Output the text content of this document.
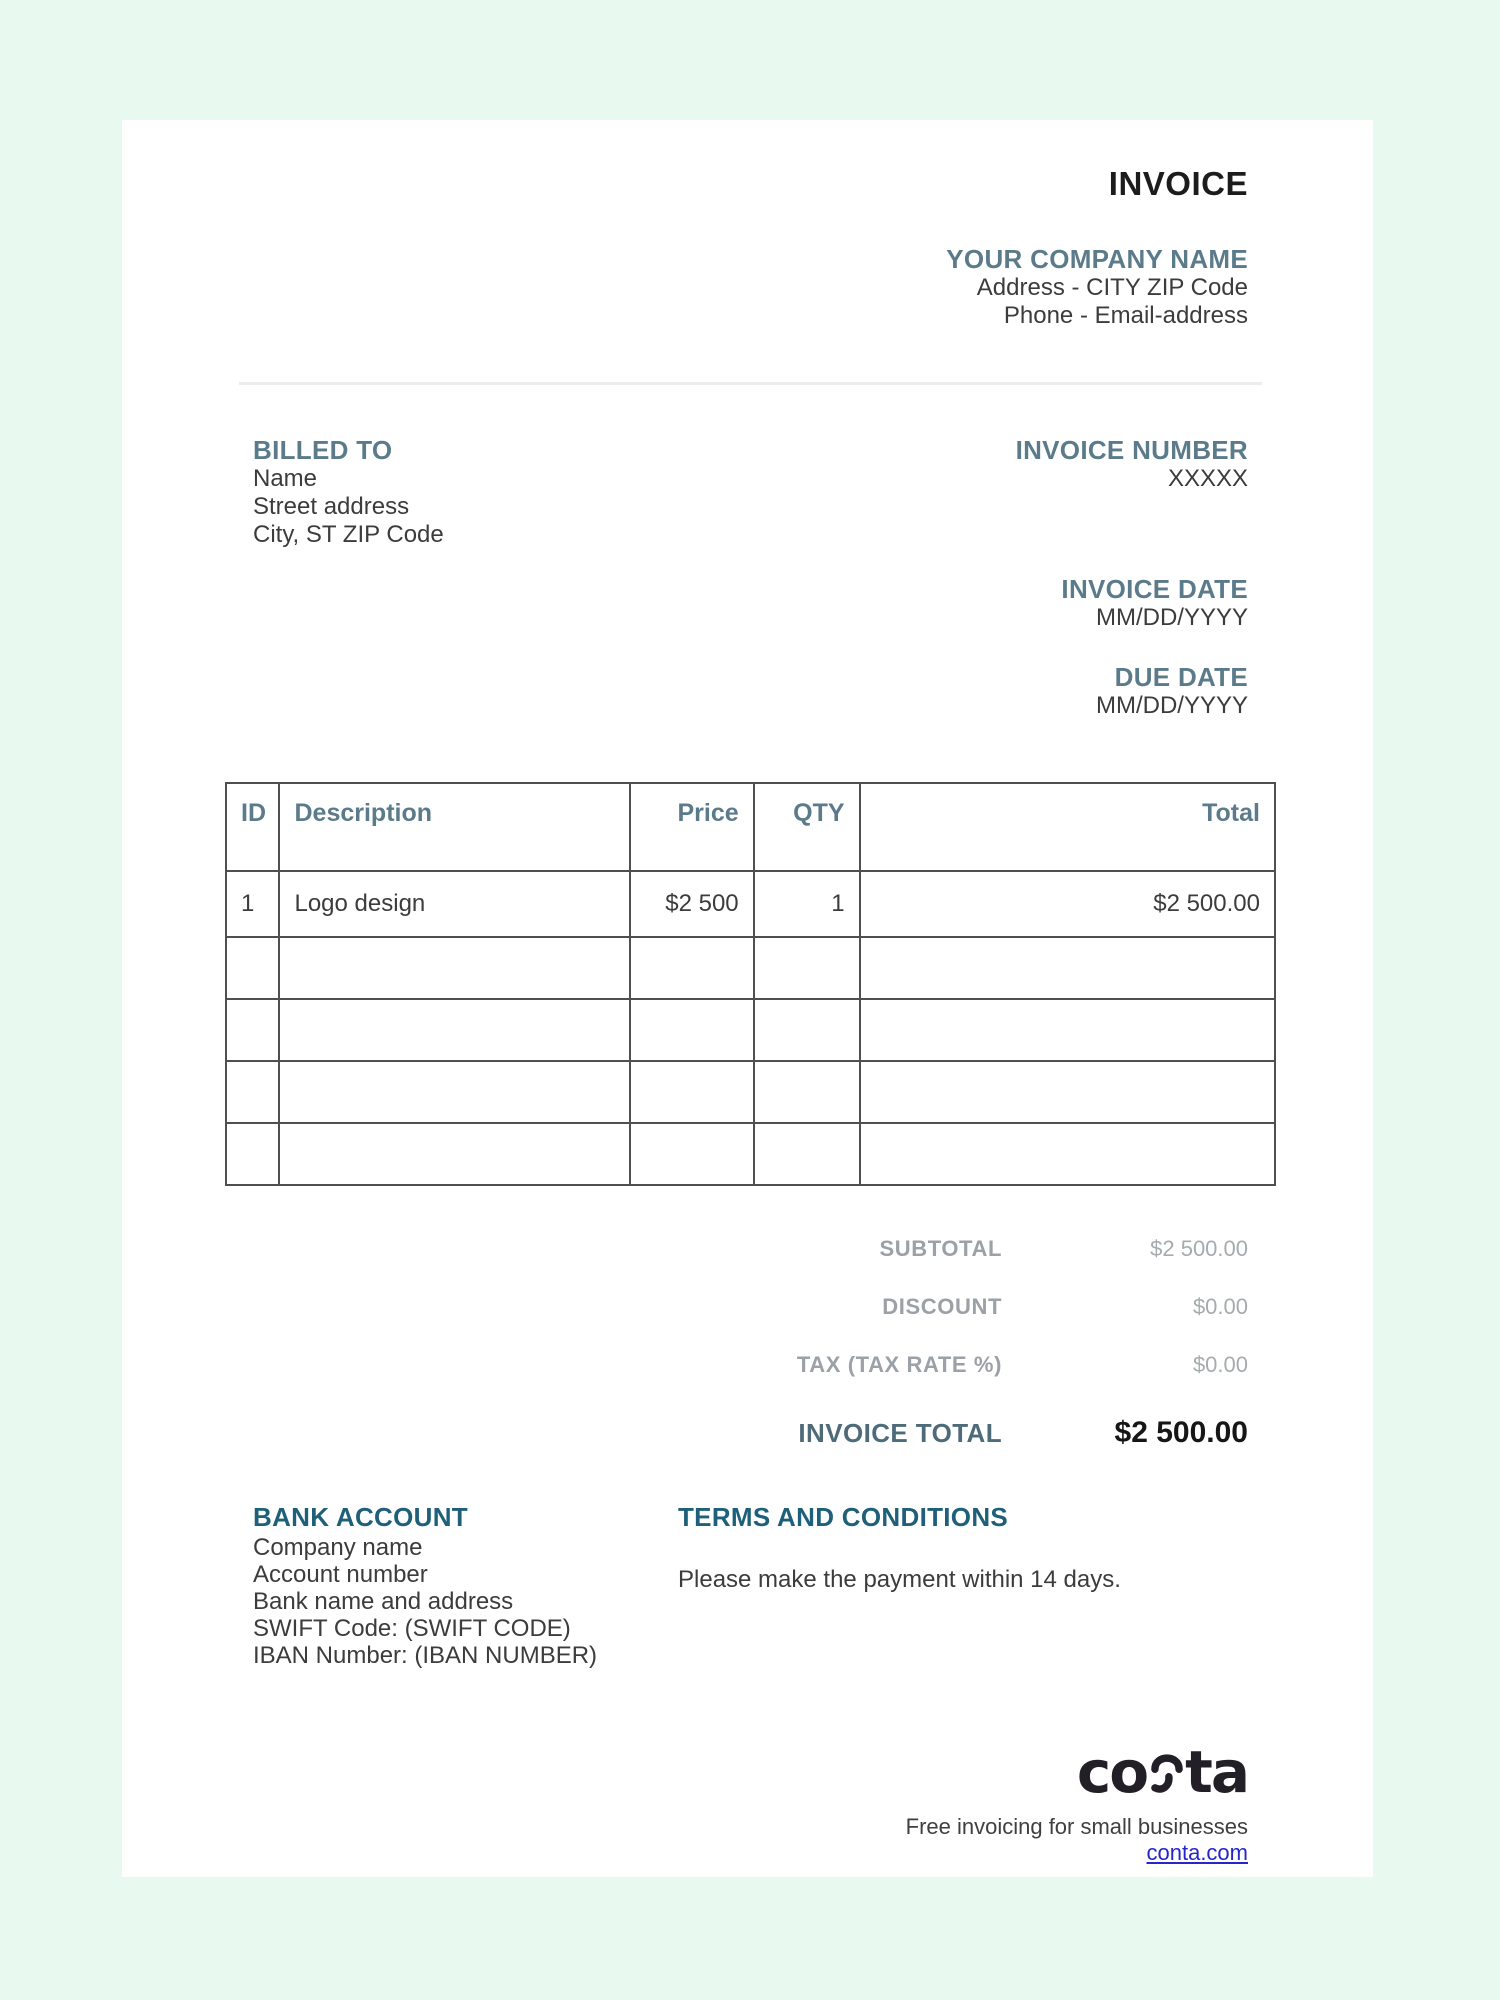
INVOICE
YOUR COMPANY NAME
Address - CITY ZIP Code
Phone - Email-address
BILLED TO
Name
Street address
City, ST ZIP Code
INVOICE NUMBER
XXXXX
INVOICE DATE
MM/DD/YYYY
DUE DATE
MM/DD/YYYY
ID	Description	Price	QTY	Total
1	Logo design	$2 500	1	$2 500.00

SUBTOTAL	$2 500.00
DISCOUNT	$0.00
TAX (TAX RATE %)	$0.00
INVOICE TOTAL	$2 500.00
BANK ACCOUNT
Company name
Account number
Bank name and address
SWIFT Code: (SWIFT CODE)
IBAN Number: (IBAN NUMBER)
TERMS AND CONDITIONS
Please make the payment within 14 days.
co ta
Free invoicing for small businesses
conta.com
